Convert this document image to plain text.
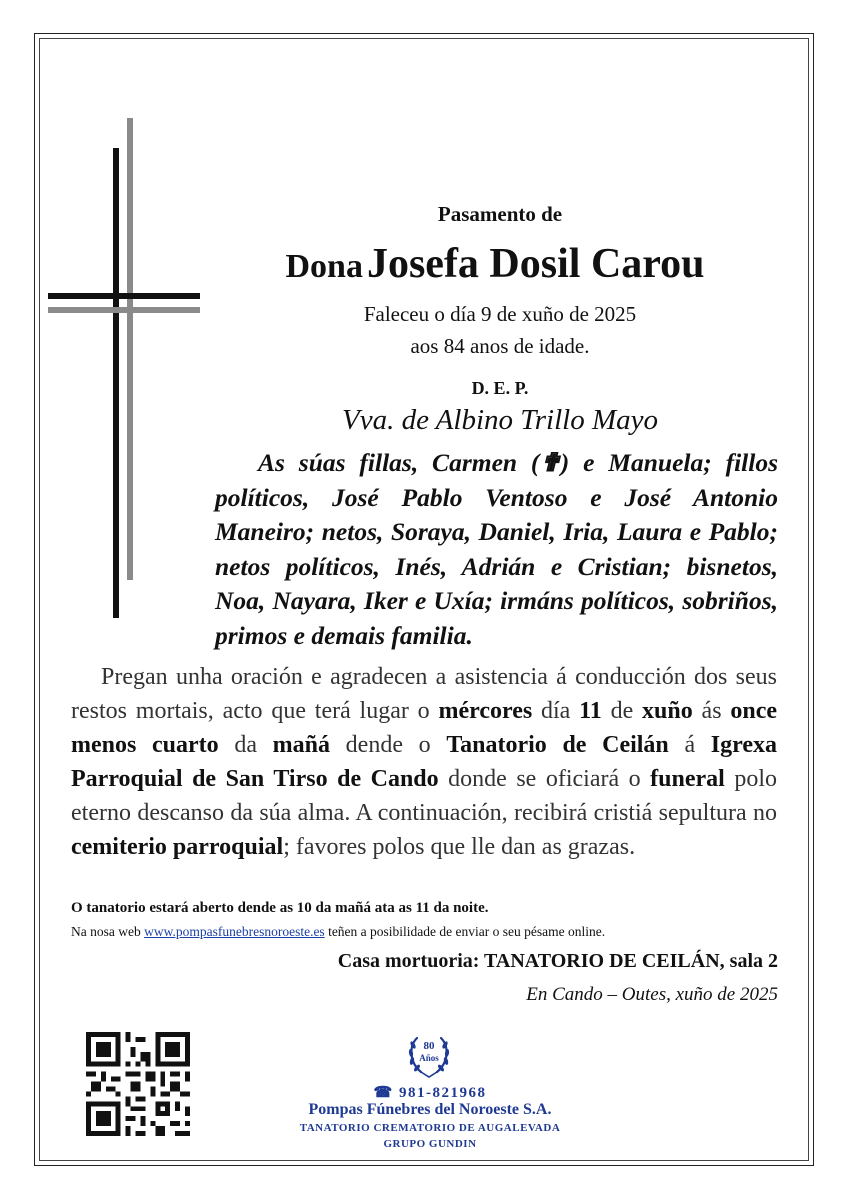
Pasamento de

Dona Josefa Dosil Carou

Faleceu o día 9 de xuño de 2025

aos 84 anos de idade.

D. E. P.

Vva. de Albino Trillo Mayo

As súas fillas, Carmen (✟) e Manuela; fillos políticos, José Pablo Ventoso e José Antonio Maneiro; netos, Soraya, Daniel, Iria, Laura e Pablo; netos políticos, Inés, Adrián e Cristian; bisnetos, Noa, Nayara, Iker e Uxía; irmáns políticos, sobriños, primos e demais familia.

Pregan unha oración e agradecen a asistencia á conducción dos seus restos mortais, acto que terá lugar o mércores día 11 de xuño ás once menos cuarto da mañá dende o Tanatorio de Ceilán á Igrexa Parroquial de San Tirso de Cando donde se oficiará o funeral polo eterno descanso da súa alma. A continuación, recibirá cristiá sepultura no cemiterio parroquial; favores polos que lle dan as grazas.

O tanatorio estará aberto dende as 10 da mañá ata as 11 da noite.

Na nosa web www.pompasfunebresnoroeste.es teñen a posibilidade de enviar o seu pésame online.

Casa mortuoria: TANATORIO DE CEILÁN, sala 2

En Cando – Outes, xuño de 2025

80

Años

☎ 981-821968

Pompas Fúnebres del Noroeste S.A.

TANATORIO CREMATORIO DE AUGALEVADA

GRUPO GUNDIN
